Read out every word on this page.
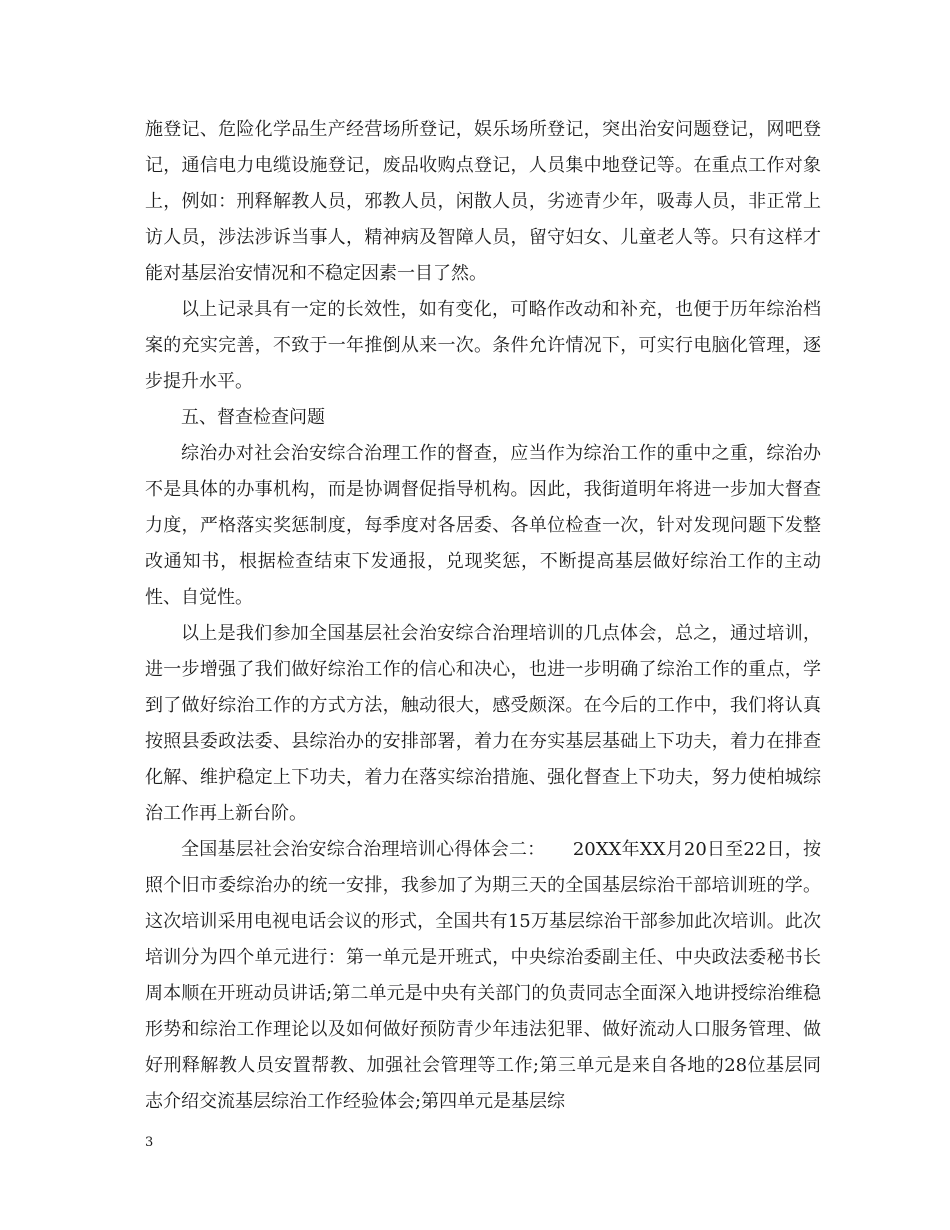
施登记、危险化学品生产经营场所登记，娱乐场所登记，突出治安问题登记，网吧登记，通信电力电缆设施登记，废品收购点登记，人员集中地登记等。在重点工作对象上，例如：刑释解教人员，邪教人员，闲散人员，劣迹青少年，吸毒人员，非正常上访人员，涉法涉诉当事人，精神病及智障人员，留守妇女、儿童老人等。只有这样才能对基层治安情况和不稳定因素一目了然。

以上记录具有一定的长效性，如有变化，可略作改动和补充，也便于历年综治档案的充实完善，不致于一年推倒从来一次。条件允许情况下，可实行电脑化管理，逐步提升水平。

五、督查检查问题

综治办对社会治安综合治理工作的督查，应当作为综治工作的重中之重，综治办不是具体的办事机构，而是协调督促指导机构。因此，我街道明年将进一步加大督查力度，严格落实奖惩制度，每季度对各居委、各单位检查一次，针对发现问题下发整改通知书，根据检查结束下发通报，兑现奖惩，不断提高基层做好综治工作的主动性、自觉性。

以上是我们参加全国基层社会治安综合治理培训的几点体会，总之，通过培训，进一步增强了我们做好综治工作的信心和决心，也进一步明确了综治工作的重点，学到了做好综治工作的方式方法，触动很大，感受颇深。在今后的工作中，我们将认真按照县委政法委、县综治办的安排部署，着力在夯实基层基础上下功夫，着力在排查化解、维护稳定上下功夫，着力在落实综治措施、强化督查上下功夫，努力使柏城综治工作再上新台阶。

全国基层社会治安综合治理培训心得体会二：　　20XX年XX月20日至22日，按照个旧市委综治办的统一安排，我参加了为期三天的全国基层综治干部培训班的学。这次培训采用电视电话会议的形式，全国共有15万基层综治干部参加此次培训。此次培训分为四个单元进行：第一单元是开班式，中央综治委副主任、中央政法委秘书长周本顺在开班动员讲话;第二单元是中央有关部门的负责同志全面深入地讲授综治维稳形势和综治工作理论以及如何做好预防青少年违法犯罪、做好流动人口服务管理、做好刑释解教人员安置帮教、加强社会管理等工作;第三单元是来自各地的28位基层同志介绍交流基层综治工作经验体会;第四单元是基层综

3
